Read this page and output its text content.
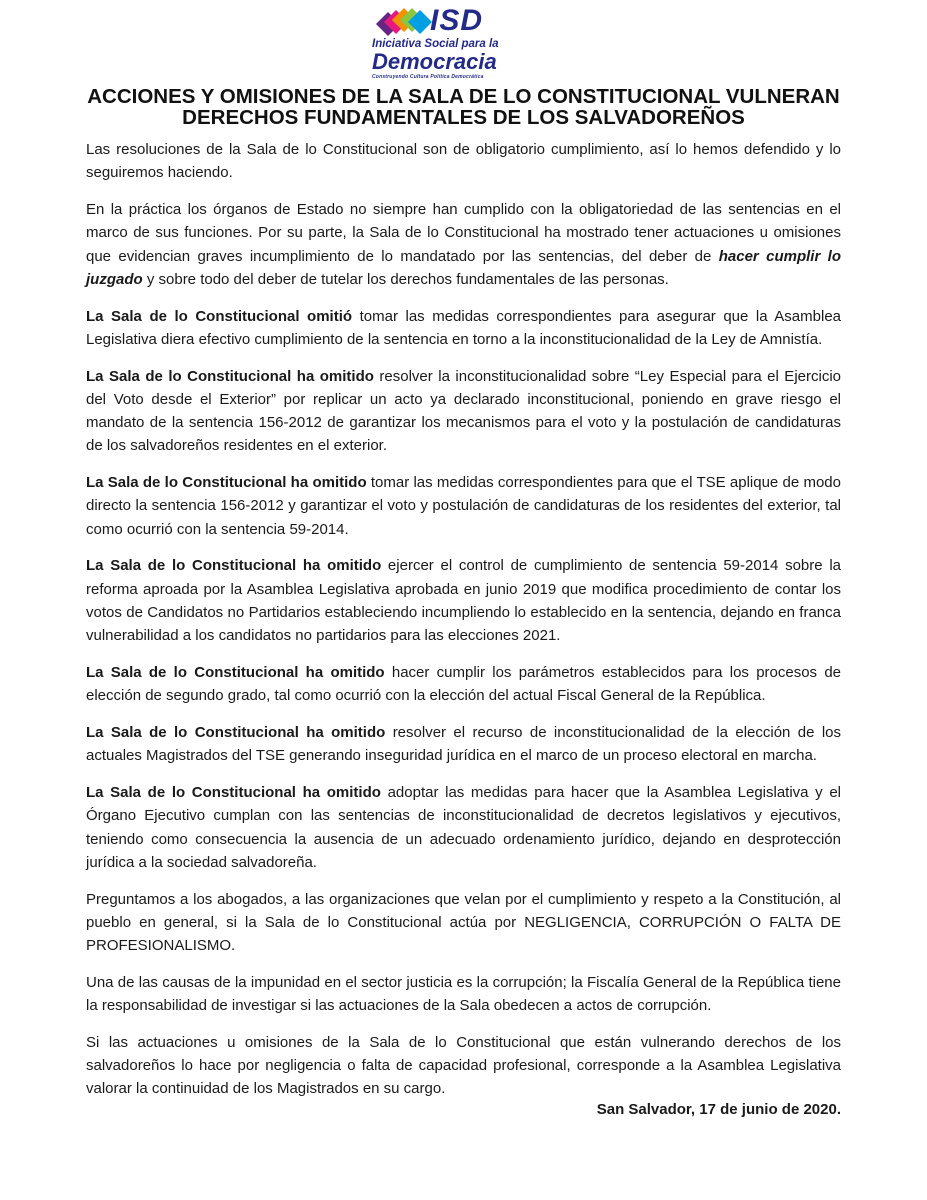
ISD
Iniciativa Social para la
Democracia
Construyendo Cultura Política Democrática
ACCIONES Y OMISIONES DE LA SALA DE LO CONSTITUCIONAL VULNERAN DERECHOS FUNDAMENTALES DE LOS SALVADOREÑOS

Las resoluciones de la Sala de lo Constitucional son de obligatorio cumplimiento, así lo hemos defendido y lo seguiremos haciendo.

En la práctica los órganos de Estado no siempre han cumplido con la obligatoriedad de las sentencias en el marco de sus funciones. Por su parte, la Sala de lo Constitucional ha mostrado tener actuaciones u omisiones que evidencian graves incumplimiento de lo mandatado por las sentencias, del deber de hacer cumplir lo juzgado y sobre todo del deber de tutelar los derechos fundamentales de las personas.

La Sala de lo Constitucional omitió tomar las medidas correspondientes para asegurar que la Asamblea Legislativa diera efectivo cumplimiento de la sentencia en torno a la inconstitucionalidad de la Ley de Amnistía.

La Sala de lo Constitucional ha omitido resolver la inconstitucionalidad sobre “Ley Especial para el Ejercicio del Voto desde el Exterior” por replicar un acto ya declarado inconstitucional, poniendo en grave riesgo el mandato de la sentencia 156-2012 de garantizar los mecanismos para el voto y la postulación de candidaturas de los salvadoreños residentes en el exterior.

La Sala de lo Constitucional ha omitido tomar las medidas correspondientes para que el TSE aplique de modo directo la sentencia 156-2012 y garantizar el voto y postulación de candidaturas de los residentes del exterior, tal como ocurrió con la sentencia 59-2014.

La Sala de lo Constitucional ha omitido ejercer el control de cumplimiento de sentencia 59-2014 sobre la reforma aproada por la Asamblea Legislativa aprobada en junio 2019 que modifica procedimiento de contar los votos de Candidatos no Partidarios estableciendo incumpliendo lo establecido en la sentencia, dejando en franca vulnerabilidad a los candidatos no partidarios para las elecciones 2021.

La Sala de lo Constitucional ha omitido hacer cumplir los parámetros establecidos para los procesos de elección de segundo grado, tal como ocurrió con la elección del actual Fiscal General de la República.

La Sala de lo Constitucional ha omitido resolver el recurso de inconstitucionalidad de la elección de los actuales Magistrados del TSE generando inseguridad jurídica en el marco de un proceso electoral en marcha.

La Sala de lo Constitucional ha omitido adoptar las medidas para hacer que la Asamblea Legislativa y el Órgano Ejecutivo cumplan con las sentencias de inconstitucionalidad de decretos legislativos y ejecutivos, teniendo como consecuencia la ausencia de un adecuado ordenamiento jurídico, dejando en desprotección jurídica a la sociedad salvadoreña.

Preguntamos a los abogados, a las organizaciones que velan por el cumplimiento y respeto a la Constitución, al pueblo en general, si la Sala de lo Constitucional actúa por NEGLIGENCIA, CORRUPCIÓN O FALTA DE PROFESIONALISMO.

Una de las causas de la impunidad en el sector justicia es la corrupción; la Fiscalía General de la República tiene la responsabilidad de investigar si las actuaciones de la Sala obedecen a actos de corrupción.

Si las actuaciones u omisiones de la Sala de lo Constitucional que están vulnerando derechos de los salvadoreños lo hace por negligencia o falta de capacidad profesional, corresponde a la Asamblea Legislativa valorar la continuidad de los Magistrados en su cargo.

San Salvador, 17 de junio de 2020.
